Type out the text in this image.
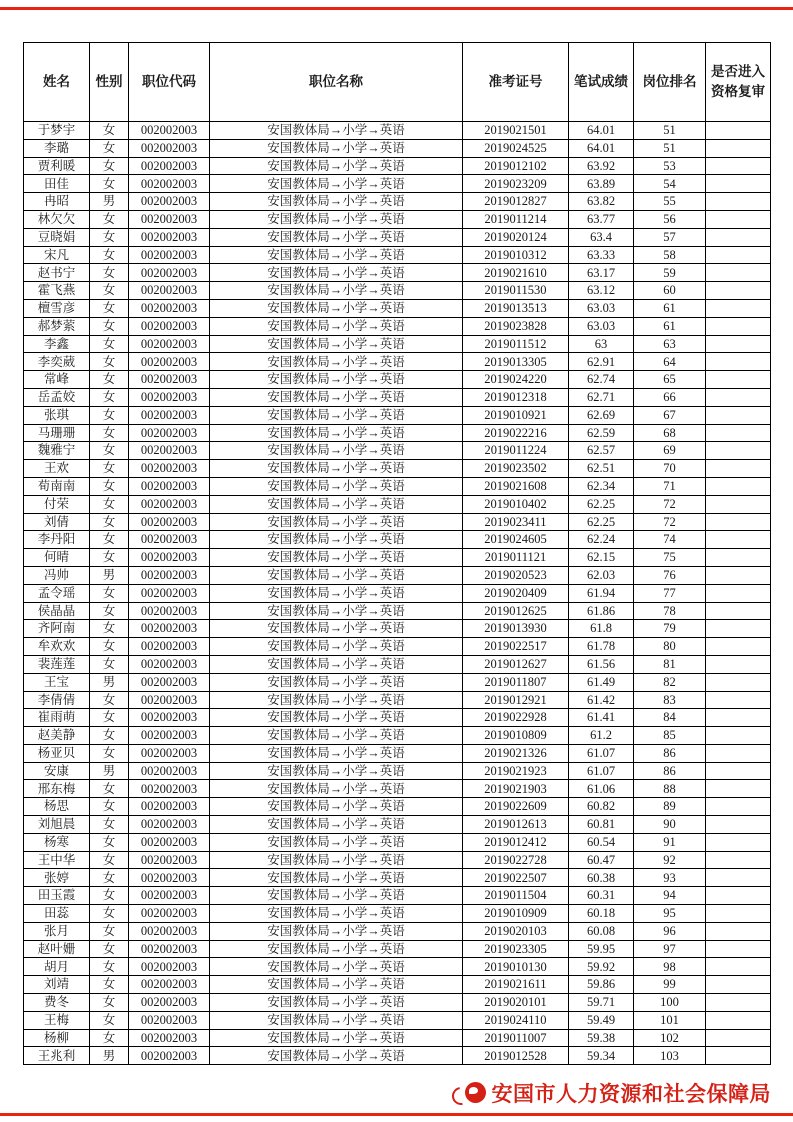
姓名	性别	职位代码	职位名称	准考证号	笔试成绩	岗位排名	是否进入资格复审
于梦宇	女	002002003	安国教体局→小学→英语	2019021501	64.01	51	
李璐	女	002002003	安国教体局→小学→英语	2019024525	64.01	51	
贾利暖	女	002002003	安国教体局→小学→英语	2019012102	63.92	53	
田佳	女	002002003	安国教体局→小学→英语	2019023209	63.89	54	
冉昭	男	002002003	安国教体局→小学→英语	2019012827	63.82	55	
林欠欠	女	002002003	安国教体局→小学→英语	2019011214	63.77	56	
豆晓娟	女	002002003	安国教体局→小学→英语	2019020124	63.4	57	
宋凡	女	002002003	安国教体局→小学→英语	2019010312	63.33	58	
赵书宁	女	002002003	安国教体局→小学→英语	2019021610	63.17	59	
霍飞燕	女	002002003	安国教体局→小学→英语	2019011530	63.12	60	
檀雪彦	女	002002003	安国教体局→小学→英语	2019013513	63.03	61	
郝梦萦	女	002002003	安国教体局→小学→英语	2019023828	63.03	61	
李鑫	女	002002003	安国教体局→小学→英语	2019011512	63	63	
李奕葳	女	002002003	安国教体局→小学→英语	2019013305	62.91	64	
常峰	女	002002003	安国教体局→小学→英语	2019024220	62.74	65	
岳孟姣	女	002002003	安国教体局→小学→英语	2019012318	62.71	66	
张琪	女	002002003	安国教体局→小学→英语	2019010921	62.69	67	
马珊珊	女	002002003	安国教体局→小学→英语	2019022216	62.59	68	
魏雅宁	女	002002003	安国教体局→小学→英语	2019011224	62.57	69	
王欢	女	002002003	安国教体局→小学→英语	2019023502	62.51	70	
荀南南	女	002002003	安国教体局→小学→英语	2019021608	62.34	71	
付荣	女	002002003	安国教体局→小学→英语	2019010402	62.25	72	
刘倩	女	002002003	安国教体局→小学→英语	2019023411	62.25	72	
李丹阳	女	002002003	安国教体局→小学→英语	2019024605	62.24	74	
何晴	女	002002003	安国教体局→小学→英语	2019011121	62.15	75	
冯帅	男	002002003	安国教体局→小学→英语	2019020523	62.03	76	
孟令瑶	女	002002003	安国教体局→小学→英语	2019020409	61.94	77	
侯晶晶	女	002002003	安国教体局→小学→英语	2019012625	61.86	78	
齐阿南	女	002002003	安国教体局→小学→英语	2019013930	61.8	79	
牟欢欢	女	002002003	安国教体局→小学→英语	2019022517	61.78	80	
裴莲莲	女	002002003	安国教体局→小学→英语	2019012627	61.56	81	
王宝	男	002002003	安国教体局→小学→英语	2019011807	61.49	82	
李倩倩	女	002002003	安国教体局→小学→英语	2019012921	61.42	83	
崔雨萌	女	002002003	安国教体局→小学→英语	2019022928	61.41	84	
赵美静	女	002002003	安国教体局→小学→英语	2019010809	61.2	85	
杨亚贝	女	002002003	安国教体局→小学→英语	2019021326	61.07	86	
安康	男	002002003	安国教体局→小学→英语	2019021923	61.07	86	
邢东梅	女	002002003	安国教体局→小学→英语	2019021903	61.06	88	
杨思	女	002002003	安国教体局→小学→英语	2019022609	60.82	89	
刘旭晨	女	002002003	安国教体局→小学→英语	2019012613	60.81	90	
杨寒	女	002002003	安国教体局→小学→英语	2019012412	60.54	91	
王中华	女	002002003	安国教体局→小学→英语	2019022728	60.47	92	
张婷	女	002002003	安国教体局→小学→英语	2019022507	60.38	93	
田玉霞	女	002002003	安国教体局→小学→英语	2019011504	60.31	94	
田蕊	女	002002003	安国教体局→小学→英语	2019010909	60.18	95	
张月	女	002002003	安国教体局→小学→英语	2019020103	60.08	96	
赵叶姗	女	002002003	安国教体局→小学→英语	2019023305	59.95	97	
胡月	女	002002003	安国教体局→小学→英语	2019010130	59.92	98	
刘靖	女	002002003	安国教体局→小学→英语	2019021611	59.86	99	
费冬	女	002002003	安国教体局→小学→英语	2019020101	59.71	100	
王梅	女	002002003	安国教体局→小学→英语	2019024110	59.49	101	
杨柳	女	002002003	安国教体局→小学→英语	2019011007	59.38	102	
王兆利	男	002002003	安国教体局→小学→英语	2019012528	59.34	103	
安国市人力资源和社会保障局
